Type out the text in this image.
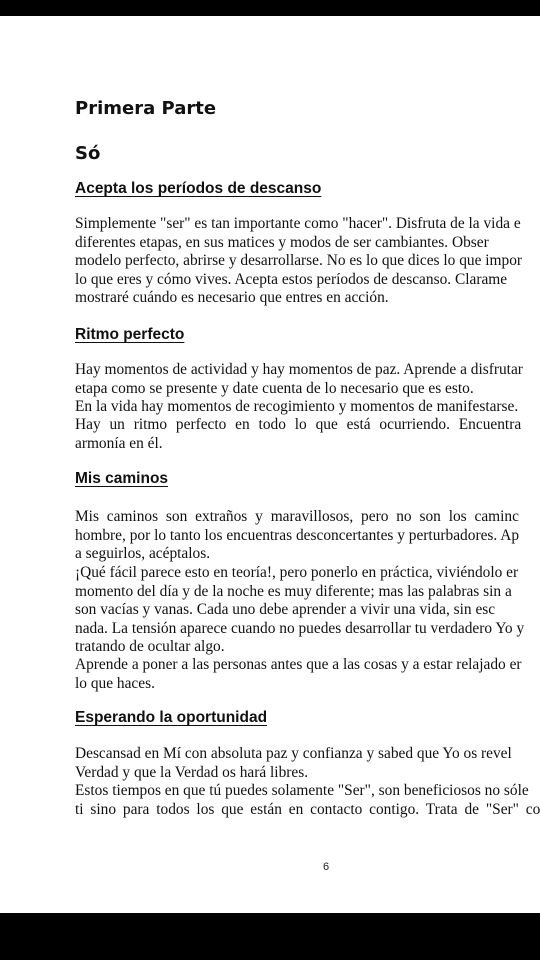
Primera Parte
Só
Acepta los períodos de descanso

Simplemente "ser" es tan importante como "hacer". Disfruta de la vida e
diferentes etapas, en sus matices y modos de ser cambiantes. Obser
modelo perfecto, abrirse y desarrollarse. No es lo que dices lo que impor
lo que eres y cómo vives. Acepta estos períodos de descanso. Clarame
mostraré cuándo es necesario que entres en acción.

Ritmo perfecto

Hay momentos de actividad y hay momentos de paz. Aprende a disfrutar
etapa como se presente y date cuenta de lo necesario que es esto.

En la vida hay momentos de recogimiento y momentos de manifestarse.

Hay un ritmo perfecto en todo lo que está ocurriendo. Encuentra
armonía en él.

Mis caminos

Mis caminos son extraños y maravillosos, pero no son los caminc
hombre, por lo tanto los encuentras desconcertantes y perturbadores. Ap
a seguirlos, acéptalos.

¡Qué fácil parece esto en teoría!, pero ponerlo en práctica, viviéndolo er
momento del día y de la noche es muy diferente; mas las palabras sin a
son vacías y vanas. Cada uno debe aprender a vivir una vida, sin esc
nada. La tensión aparece cuando no puedes desarrollar tu verdadero Yo y
tratando de ocultar algo.

Aprende a poner a las personas antes que a las cosas y a estar relajado er
lo que haces.

Esperando la oportunidad

Descansad en Mí con absoluta paz y confianza y sabed que Yo os revel
Verdad y que la Verdad os hará libres.

Estos tiempos en que tú puedes solamente "Ser", son beneficiosos no sóle
ti sino para todos los que están en contacto contigo. Trata de "Ser" co

6
